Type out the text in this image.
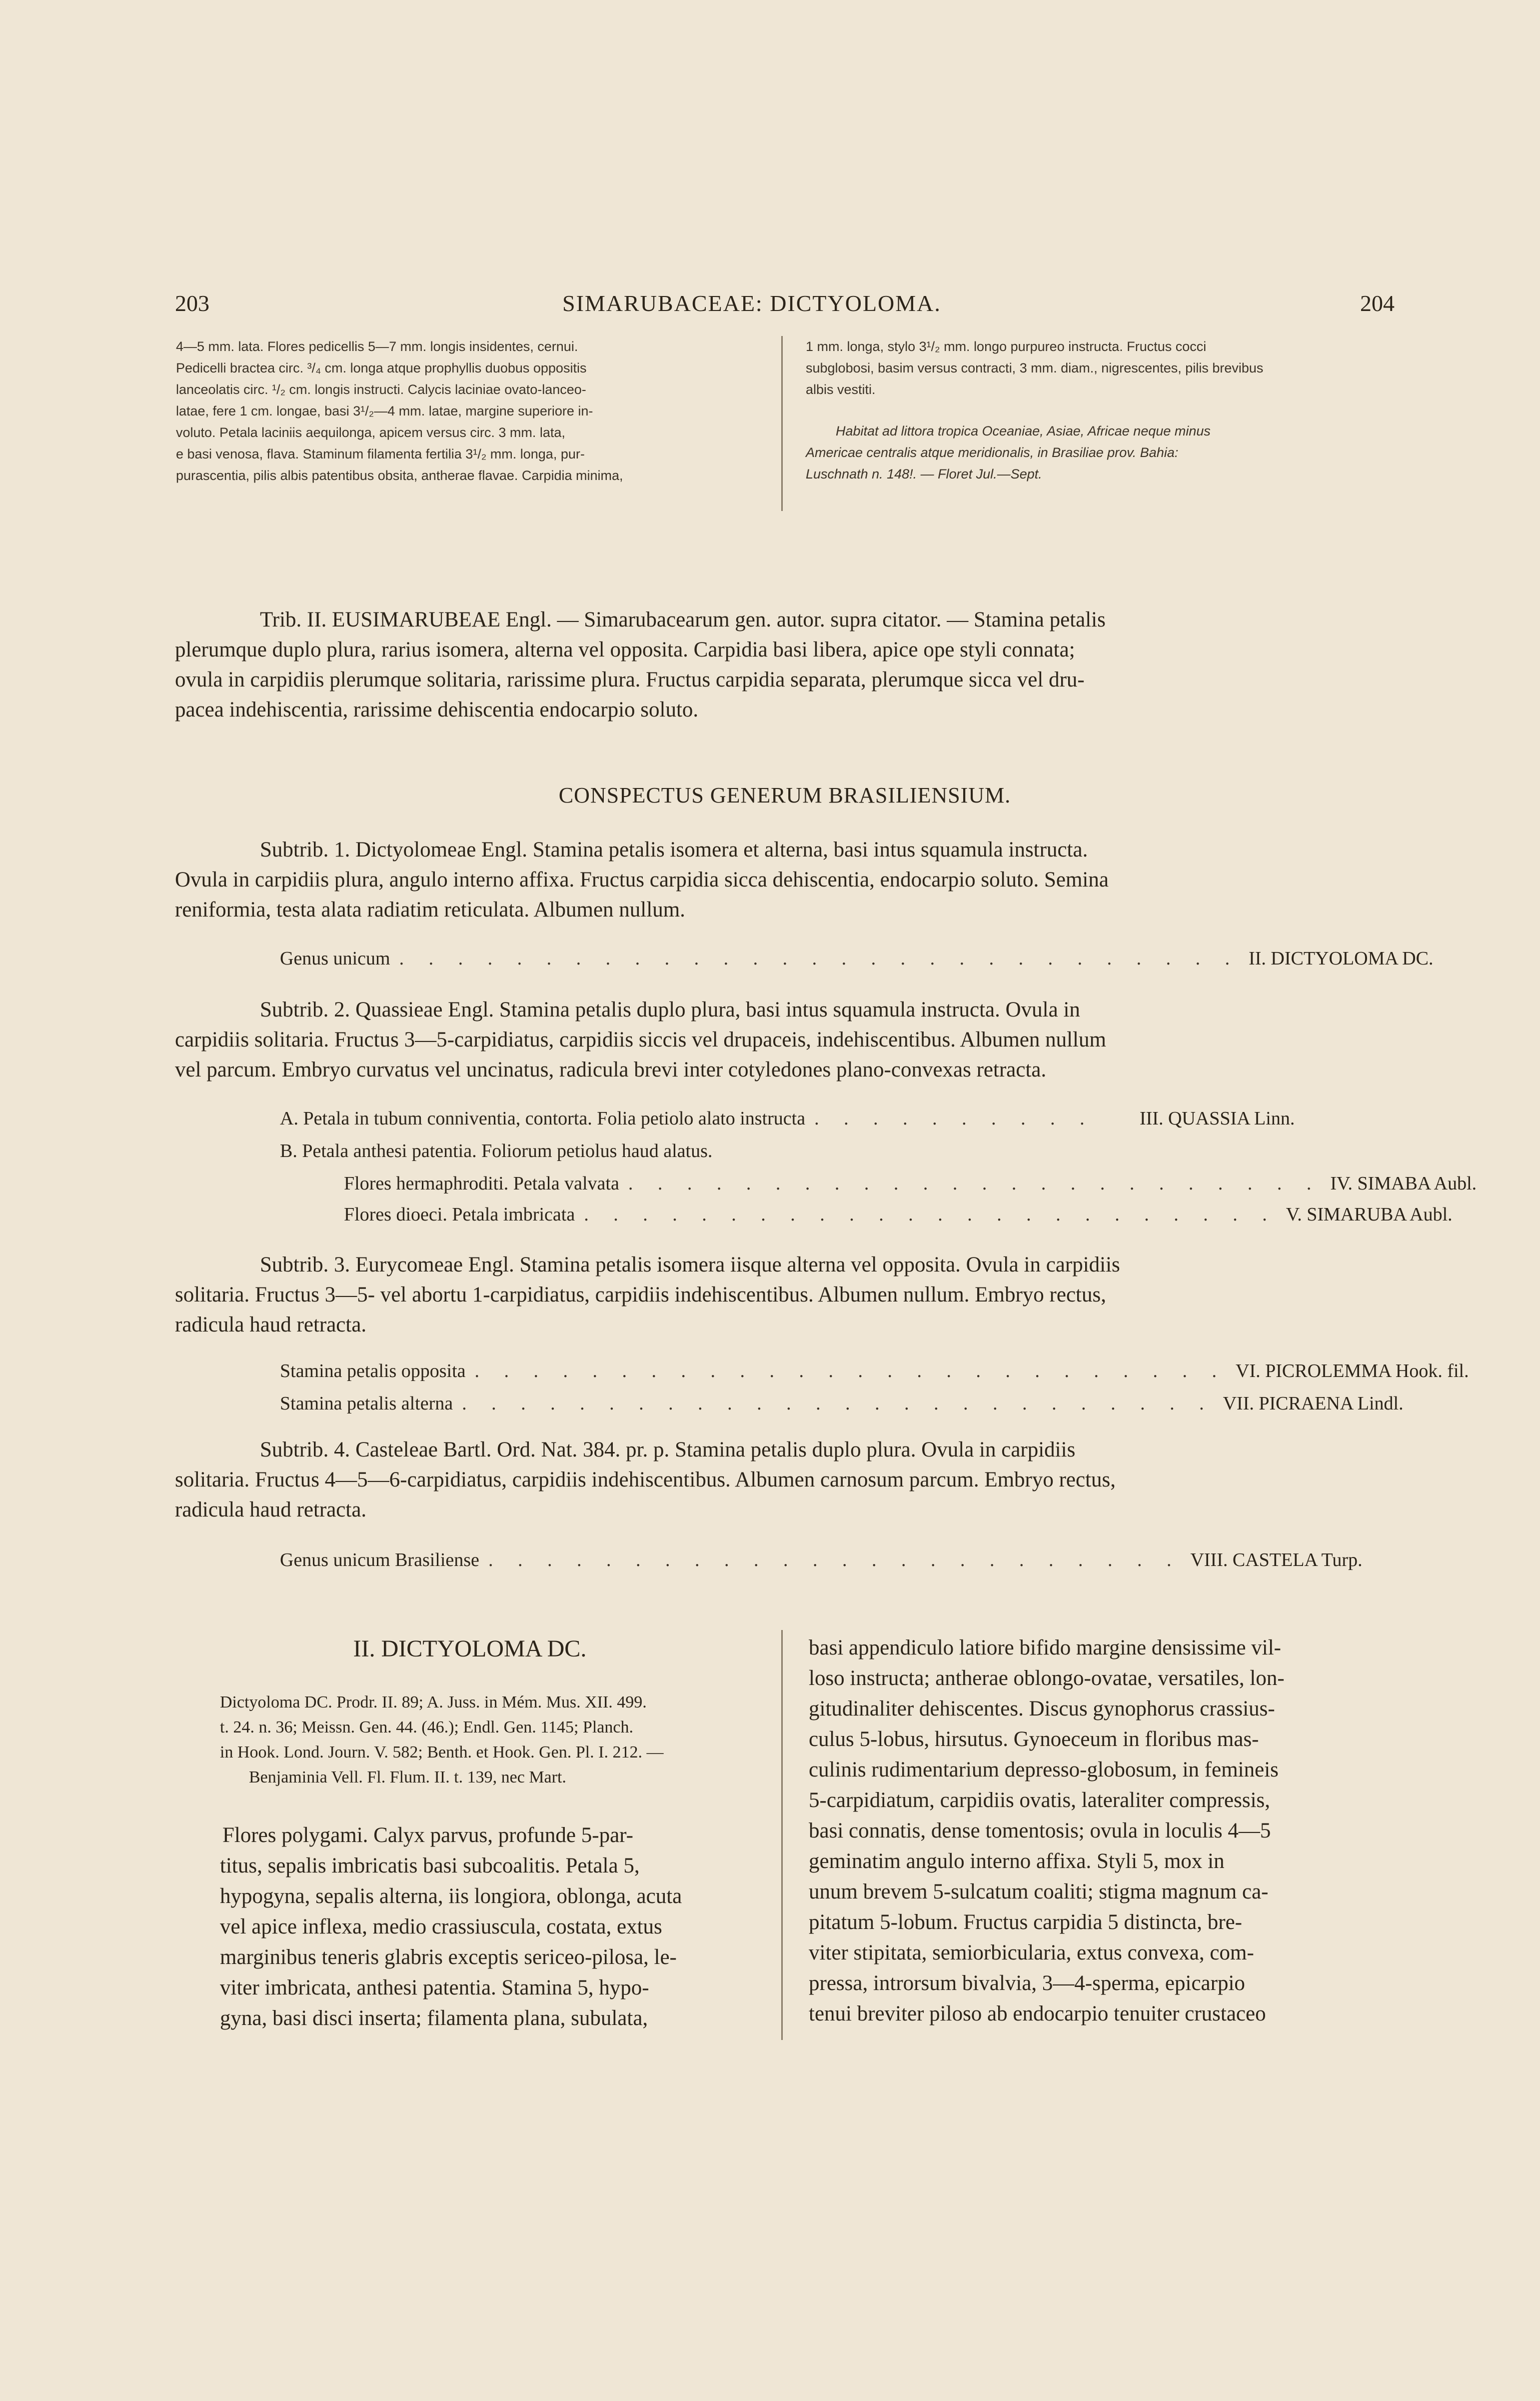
203	SIMARUBACEAE: DICTYOLOMA.	204
4—5 mm. lata. Flores pedicellis 5—7 mm. longis insidentes, cernui.
Pedicelli bractea circ. ³/₄ cm. longa atque prophyllis duobus oppositis
lanceolatis circ. ¹/₂ cm. longis instructi. Calycis laciniae ovato-lanceo-
latae, fere 1 cm. longae, basi 3¹/₂—4 mm. latae, margine superiore in-
voluto. Petala laciniis aequilonga, apicem versus circ. 3 mm. lata,
e basi venosa, flava. Staminum filamenta fertilia 3¹/₂ mm. longa, pur-
purascentia, pilis albis patentibus obsita, antherae flavae. Carpidia minima,
1 mm. longa, stylo 3¹/₂ mm. longo purpureo instructa. Fructus cocci
subglobosi, basim versus contracti, 3 mm. diam., nigrescentes, pilis brevibus
albis vestiti.
Habitat ad littora tropica Oceaniae, Asiae, Africae neque minus
Americae centralis atque meridionalis, in Brasiliae prov. Bahia:
Luschnath n. 148!. — Floret Jul.—Sept.
Trib. II. EUSIMARUBEAE Engl. — Simarubacearum gen. autor. supra citator. — Stamina petalis
plerumque duplo plura, rarius isomera, alterna vel opposita. Carpidia basi libera, apice ope styli connata;
ovula in carpidiis plerumque solitaria, rarissime plura. Fructus carpidia separata, plerumque sicca vel dru-
pacea indehiscentia, rarissime dehiscentia endocarpio soluto.
CONSPECTUS GENERUM BRASILIENSIUM.
Subtrib. 1. Dictyolomeae Engl. Stamina petalis isomera et alterna, basi intus squamula instructa.
Ovula in carpidiis plura, angulo interno affixa. Fructus carpidia sicca dehiscentia, endocarpio soluto. Semina
reniformia, testa alata radiatim reticulata. Albumen nullum.
Genus unicum . . . . . . . . . . . . . . . . . . . . . . . . . . . . . II. DICTYOLOMA DC.
Subtrib. 2. Quassieae Engl. Stamina petalis duplo plura, basi intus squamula instructa. Ovula in
carpidiis solitaria. Fructus 3—5-carpidiatus, carpidiis siccis vel drupaceis, indehiscentibus. Albumen nullum
vel parcum. Embryo curvatus vel uncinatus, radicula brevi inter cotyledones plano-convexas retracta.
A. Petala in tubum conniventia, contorta. Folia petiolo alato instructa . . . . . . . . . .	III. QUASSIA Linn.
B. Petala anthesi patentia. Foliorum petiolus haud alatus.
Flores hermaphroditi. Petala valvata . . . . . . . . . . . . . . . . . . . . . . . . IV. SIMABA Aubl.
Flores dioeci. Petala imbricata . . . . . . . . . . . . . . . . . . . . . . . . V. SIMARUBA Aubl.
Subtrib. 3. Eurycomeae Engl. Stamina petalis isomera iisque alterna vel opposita. Ovula in carpidiis
solitaria. Fructus 3—5- vel abortu 1-carpidiatus, carpidiis indehiscentibus. Albumen nullum. Embryo rectus,
radicula haud retracta.
Stamina petalis opposita . . . . . . . . . . . . . . . . . . . . . . . . . . VI. PICROLEMMA Hook. fil.
Stamina petalis alterna . . . . . . . . . . . . . . . . . . . . . . . . . . VII. PICRAENA Lindl.
Subtrib. 4. Casteleae Bartl. Ord. Nat. 384. pr. p. Stamina petalis duplo plura. Ovula in carpidiis
solitaria. Fructus 4—5—6-carpidiatus, carpidiis indehiscentibus. Albumen carnosum parcum. Embryo rectus,
radicula haud retracta.
Genus unicum Brasiliense . . . . . . . . . . . . . . . . . . . . . . . . VIII. CASTELA Turp.
II. DICTYOLOMA DC.
Dictyoloma DC. Prodr. II. 89; A. Juss. in Mém. Mus. XII. 499.
t. 24. n. 36; Meissn. Gen. 44. (46.); Endl. Gen. 1145; Planch.
in Hook. Lond. Journ. V. 582; Benth. et Hook. Gen. Pl. I. 212. —
Benjaminia Vell. Fl. Flum. II. t. 139, nec Mart.
Flores polygami. Calyx parvus, profunde 5-par-
titus, sepalis imbricatis basi subcoalitis. Petala 5,
hypogyna, sepalis alterna, iis longiora, oblonga, acuta
vel apice inflexa, medio crassiuscula, costata, extus
marginibus teneris glabris exceptis sericeo-pilosa, le-
viter imbricata, anthesi patentia. Stamina 5, hypo-
gyna, basi disci inserta; filamenta plana, subulata,
basi appendiculo latiore bifido margine densissime vil-
loso instructa; antherae oblongo-ovatae, versatiles, lon-
gitudinaliter dehiscentes. Discus gynophorus crassius-
culus 5-lobus, hirsutus. Gynoeceum in floribus mas-
culinis rudimentarium depresso-globosum, in femineis
5-carpidiatum, carpidiis ovatis, lateraliter compressis,
basi connatis, dense tomentosis; ovula in loculis 4—5
geminatim angulo interno affixa. Styli 5, mox in
unum brevem 5-sulcatum coaliti; stigma magnum ca-
pitatum 5-lobum. Fructus carpidia 5 distincta, bre-
viter stipitata, semiorbicularia, extus convexa, com-
pressa, introrsum bivalvia, 3—4-sperma, epicarpio
tenui breviter piloso ab endocarpio tenuiter crustaceo
